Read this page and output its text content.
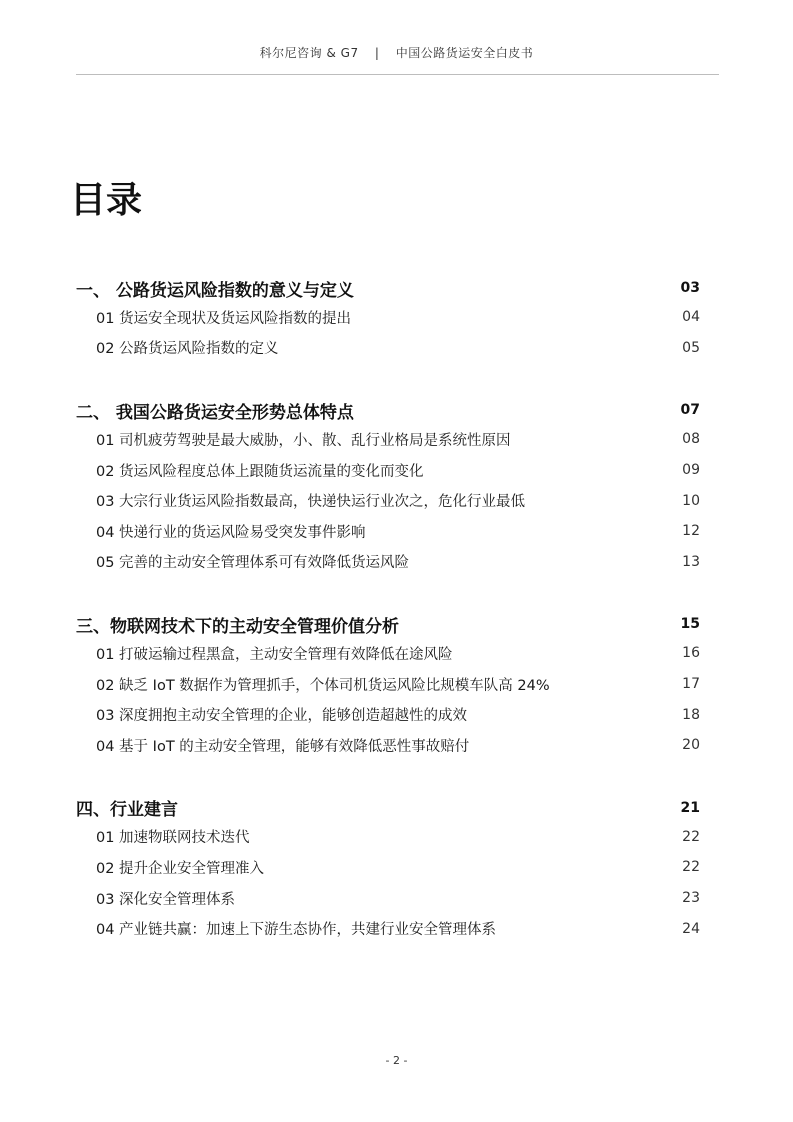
科尔尼咨询 & G7 | 中国公路货运安全白皮书
目录
一、 公路货运风险指数的意义与定义	03
01 货运安全现状及货运风险指数的提出	04
02 公路货运风险指数的定义	05
二、 我国公路货运安全形势总体特点	07
01 司机疲劳驾驶是最大威胁，小、散、乱行业格局是系统性原因	08
02 货运风险程度总体上跟随货运流量的变化而变化	09
03 大宗行业货运风险指数最高，快递快运行业次之，危化行业最低	10
04 快递行业的货运风险易受突发事件影响	12
05 完善的主动安全管理体系可有效降低货运风险	13
三、物联网技术下的主动安全管理价值分析	15
01 打破运输过程黑盒，主动安全管理有效降低在途风险	16
02 缺乏 IoT 数据作为管理抓手，个体司机货运风险比规模车队高 24%	17
03 深度拥抱主动安全管理的企业，能够创造超越性的成效	18
04 基于 IoT 的主动安全管理，能够有效降低恶性事故赔付	20
四、行业建言	21
01 加速物联网技术迭代	22
02 提升企业安全管理准入	22
03 深化安全管理体系	23
04 产业链共赢：加速上下游生态协作，共建行业安全管理体系	24
- 2 -
